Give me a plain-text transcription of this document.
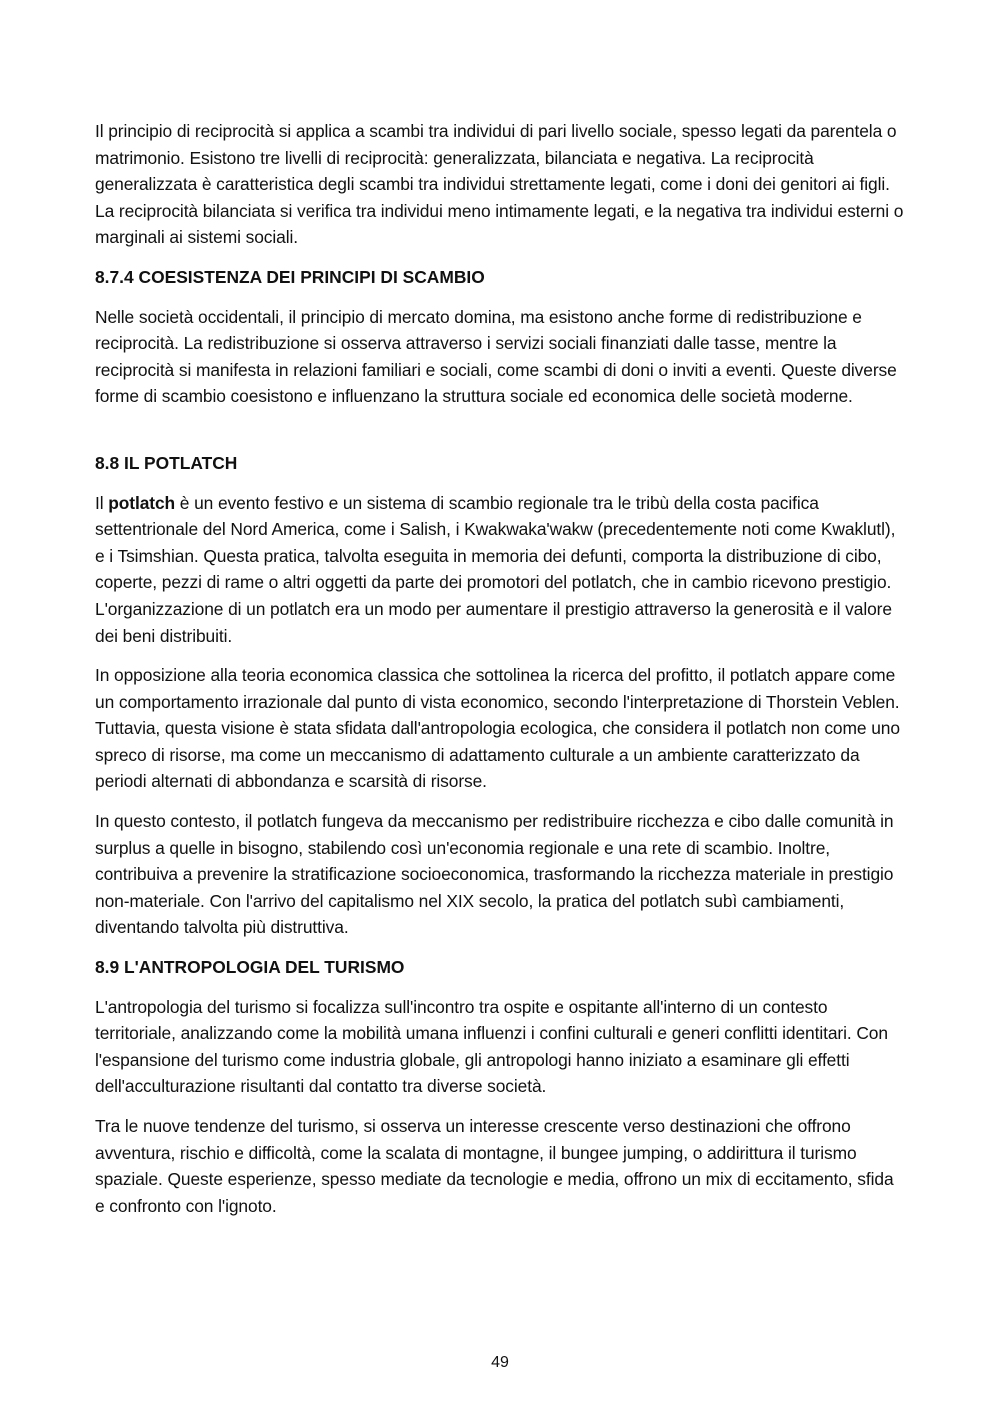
Il principio di reciprocità si applica a scambi tra individui di pari livello sociale, spesso legati da parentela o matrimonio. Esistono tre livelli di reciprocità: generalizzata, bilanciata e negativa. La reciprocità generalizzata è caratteristica degli scambi tra individui strettamente legati, come i doni dei genitori ai figli. La reciprocità bilanciata si verifica tra individui meno intimamente legati, e la negativa tra individui esterni o marginali ai sistemi sociali.

8.7.4 COESISTENZA DEI PRINCIPI DI SCAMBIO

Nelle società occidentali, il principio di mercato domina, ma esistono anche forme di redistribuzione e reciprocità. La redistribuzione si osserva attraverso i servizi sociali finanziati dalle tasse, mentre la reciprocità si manifesta in relazioni familiari e sociali, come scambi di doni o inviti a eventi. Queste diverse forme di scambio coesistono e influenzano la struttura sociale ed economica delle società moderne.

8.8 IL POTLATCH

Il potlatch è un evento festivo e un sistema di scambio regionale tra le tribù della costa pacifica settentrionale del Nord America, come i Salish, i Kwakwaka'wakw (precedentemente noti come Kwaklutl), e i Tsimshian. Questa pratica, talvolta eseguita in memoria dei defunti, comporta la distribuzione di cibo, coperte, pezzi di rame o altri oggetti da parte dei promotori del potlatch, che in cambio ricevono prestigio. L'organizzazione di un potlatch era un modo per aumentare il prestigio attraverso la generosità e il valore dei beni distribuiti.

In opposizione alla teoria economica classica che sottolinea la ricerca del profitto, il potlatch appare come un comportamento irrazionale dal punto di vista economico, secondo l'interpretazione di Thorstein Veblen. Tuttavia, questa visione è stata sfidata dall'antropologia ecologica, che considera il potlatch non come uno spreco di risorse, ma come un meccanismo di adattamento culturale a un ambiente caratterizzato da periodi alternati di abbondanza e scarsità di risorse.

In questo contesto, il potlatch fungeva da meccanismo per redistribuire ricchezza e cibo dalle comunità in surplus a quelle in bisogno, stabilendo così un'economia regionale e una rete di scambio. Inoltre, contribuiva a prevenire la stratificazione socioeconomica, trasformando la ricchezza materiale in prestigio non-materiale. Con l'arrivo del capitalismo nel XIX secolo, la pratica del potlatch subì cambiamenti, diventando talvolta più distruttiva.

8.9 L'ANTROPOLOGIA DEL TURISMO

L'antropologia del turismo si focalizza sull'incontro tra ospite e ospitante all'interno di un contesto territoriale, analizzando come la mobilità umana influenzi i confini culturali e generi conflitti identitari. Con l'espansione del turismo come industria globale, gli antropologi hanno iniziato a esaminare gli effetti dell'acculturazione risultanti dal contatto tra diverse società.

Tra le nuove tendenze del turismo, si osserva un interesse crescente verso destinazioni che offrono avventura, rischio e difficoltà, come la scalata di montagne, il bungee jumping, o addirittura il turismo spaziale. Queste esperienze, spesso mediate da tecnologie e media, offrono un mix di eccitamento, sfida e confronto con l'ignoto.

49
